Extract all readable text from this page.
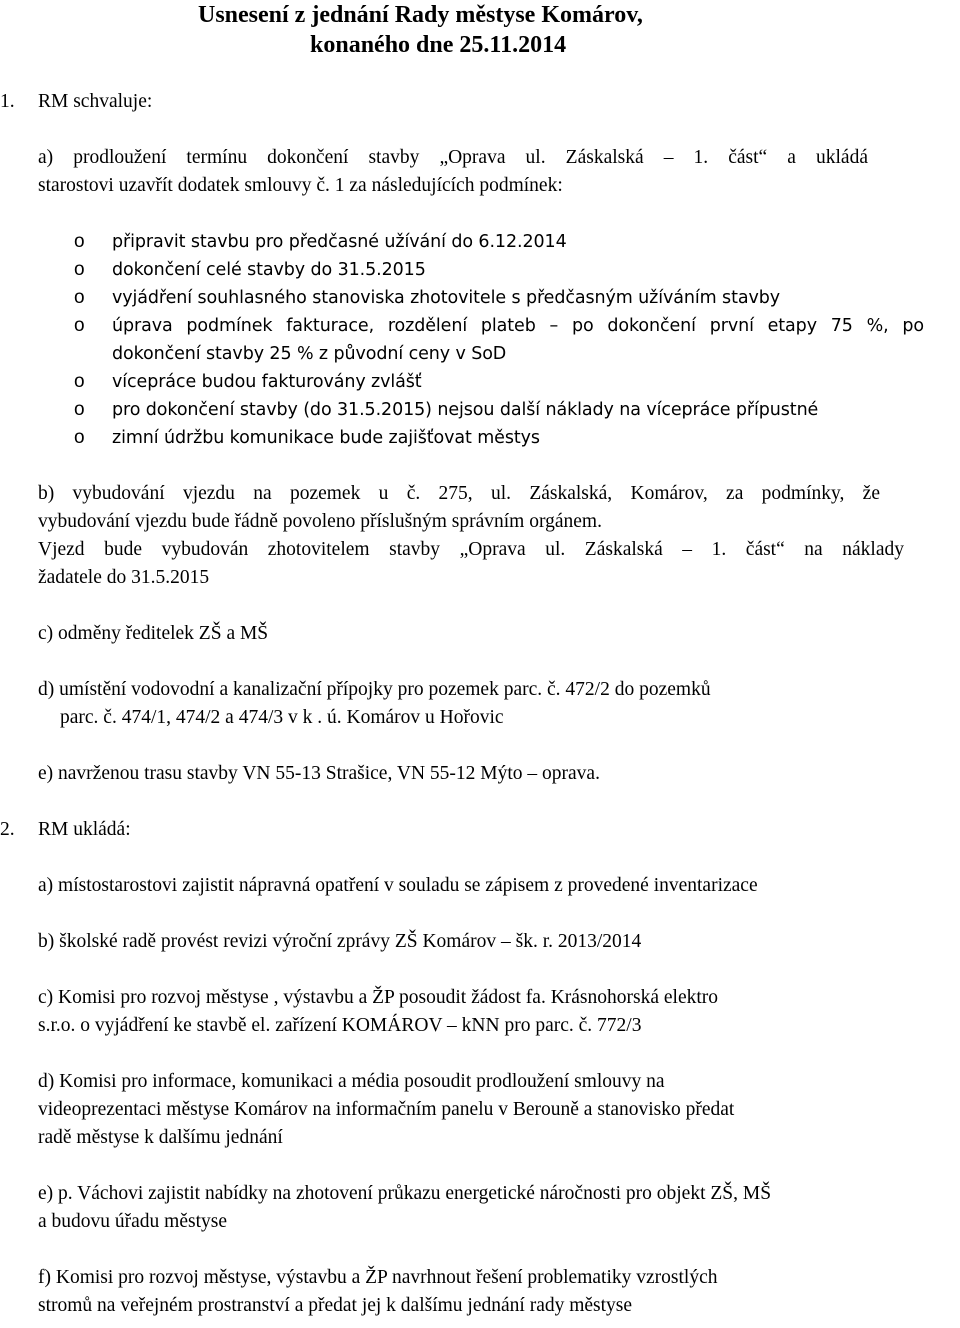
Usnesení z jednání Rady městyse Komárov,
konaného dne 25.11.2014
1. RM schvaluje:
a) prodloužení termínu dokončení stavby „Oprava ul. Záskalská – 1. část“ a ukládá
starostovi uzavřít dodatek smlouvy č. 1 za následujících podmínek:
o připravit stavbu pro předčasné užívání do 6.12.2014
o dokončení celé stavby do 31.5.2015
o vyjádření souhlasného stanoviska zhotovitele s předčasným užíváním stavby
o úprava podmínek fakturace, rozdělení plateb – po dokončení první etapy 75 %, po
dokončení stavby 25 % z původní ceny v SoD
o vícepráce budou fakturovány zvlášť
o pro dokončení stavby (do 31.5.2015) nejsou další náklady na vícepráce přípustné
o zimní údržbu komunikace bude zajišťovat městys
b) vybudování vjezdu na pozemek u č. 275, ul. Záskalská, Komárov, za podmínky, že
vybudování vjezdu bude řádně povoleno příslušným správním orgánem.
Vjezd bude vybudován zhotovitelem stavby „Oprava ul. Záskalská – 1. část“ na náklady
žadatele do 31.5.2015
c) odměny ředitelek ZŠ a MŠ
d) umístění vodovodní a kanalizační přípojky pro pozemek parc. č. 472/2 do pozemků
parc. č. 474/1, 474/2 a 474/3 v k . ú. Komárov u Hořovic
e) navrženou trasu stavby VN 55-13 Strašice, VN 55-12 Mýto – oprava.
2. RM ukládá:
a) místostarostovi zajistit nápravná opatření v souladu se zápisem z provedené inventarizace
b) školské radě provést revizi výroční zprávy ZŠ Komárov – šk. r. 2013/2014
c) Komisi pro rozvoj městyse , výstavbu a ŽP posoudit žádost fa. Krásnohorská elektro
s.r.o. o vyjádření ke stavbě el. zařízení KOMÁROV – kNN pro parc. č. 772/3
d) Komisi pro informace, komunikaci a média posoudit prodloužení smlouvy na
videoprezentaci městyse Komárov na informačním panelu v Berouně a stanovisko předat
radě městyse k dalšímu jednání
e) p. Váchovi zajistit nabídky na zhotovení průkazu energetické náročnosti pro objekt ZŠ, MŠ
a budovu úřadu městyse
f) Komisi pro rozvoj městyse, výstavbu a ŽP navrhnout řešení problematiky vzrostlých
stromů na veřejném prostranství a předat jej k dalšímu jednání rady městyse
